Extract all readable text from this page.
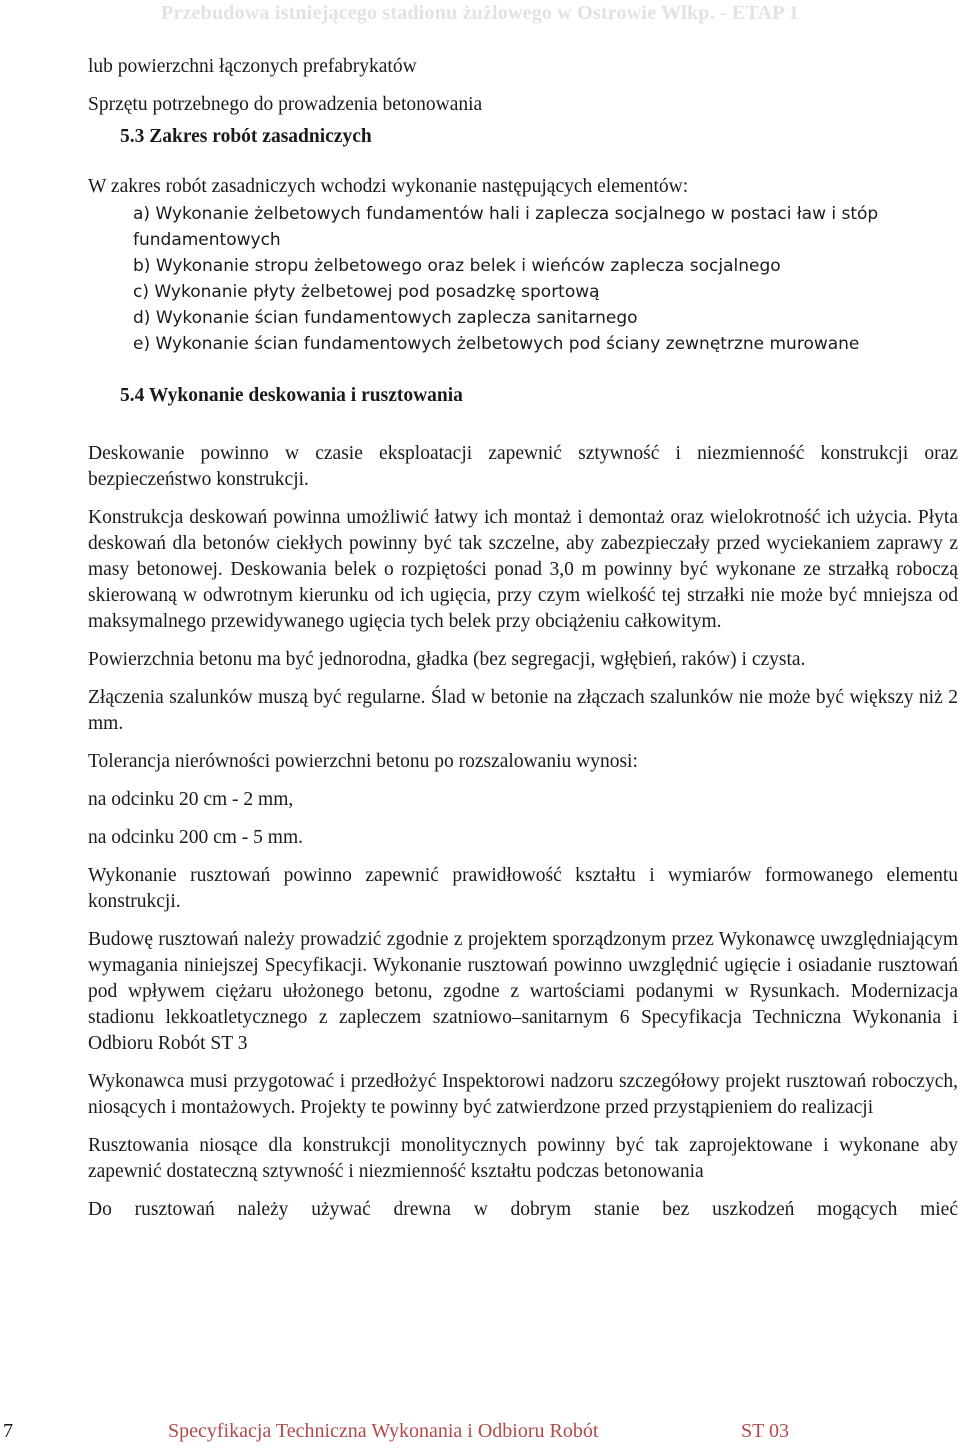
Przebudowa istniejącego stadionu żużlowego w Ostrowie Wlkp. - ETAP 1

lub powierzchni łączonych prefabrykatów

Sprzętu potrzebnego do prowadzenia betonowania

5.3 Zakres robót zasadniczych

W zakres robót zasadniczych wchodzi wykonanie następujących elementów:

a) Wykonanie żelbetowych fundamentów hali i zaplecza socjalnego w postaci ław i stóp fundamentowych

b) Wykonanie stropu żelbetowego oraz belek i wieńców zaplecza socjalnego

c) Wykonanie płyty żelbetowej pod posadzkę sportową

d) Wykonanie ścian fundamentowych zaplecza sanitarnego

e) Wykonanie ścian fundamentowych żelbetowych pod ściany zewnętrzne murowane

5.4 Wykonanie deskowania i rusztowania

Deskowanie powinno w czasie eksploatacji zapewnić sztywność i niezmienność konstrukcji oraz bezpieczeństwo konstrukcji.

Konstrukcja deskowań powinna umożliwić łatwy ich montaż i demontaż oraz wielokrotność ich użycia. Płyta deskowań dla betonów ciekłych powinny być tak szczelne, aby zabezpieczały przed wyciekaniem zaprawy z masy betonowej. Deskowania belek o rozpiętości ponad 3,0 m powinny być wykonane ze strzałką roboczą skierowaną w odwrotnym kierunku od ich ugięcia, przy czym wielkość tej strzałki nie może być mniejsza od maksymalnego przewidywanego ugięcia tych belek przy obciążeniu całkowitym.

Powierzchnia betonu ma być jednorodna, gładka (bez segregacji, wgłębień, raków) i czysta.

Złączenia szalunków muszą być regularne. Ślad w betonie na złączach szalunków nie może być większy niż 2 mm.

Tolerancja nierówności powierzchni betonu po rozszalowaniu wynosi:

na odcinku 20 cm - 2 mm,

na odcinku 200 cm - 5 mm.

Wykonanie rusztowań powinno zapewnić prawidłowość kształtu i wymiarów formowanego elementu konstrukcji.

Budowę rusztowań należy prowadzić zgodnie z projektem sporządzonym przez Wykonawcę uwzględniającym wymagania niniejszej Specyfikacji. Wykonanie rusztowań powinno uwzględnić ugięcie i osiadanie rusztowań pod wpływem ciężaru ułożonego betonu, zgodne z wartościami podanymi w Rysunkach. Modernizacja stadionu lekkoatletycznego z zapleczem szatniowo–sanitarnym 6 Specyfikacja Techniczna Wykonania i Odbioru Robót ST 3

Wykonawca musi przygotować i przedłożyć Inspektorowi nadzoru szczegółowy projekt rusztowań roboczych, niosących i montażowych. Projekty te powinny być zatwierdzone przed przystąpieniem do realizacji

Rusztowania niosące dla konstrukcji monolitycznych powinny być tak zaprojektowane i wykonane aby zapewnić dostateczną sztywność i niezmienność kształtu podczas betonowania

Do rusztowań należy używać drewna w dobrym stanie bez uszkodzeń mogących mieć

7	Specyfikacja Techniczna Wykonania i Odbioru Robót	ST 03
